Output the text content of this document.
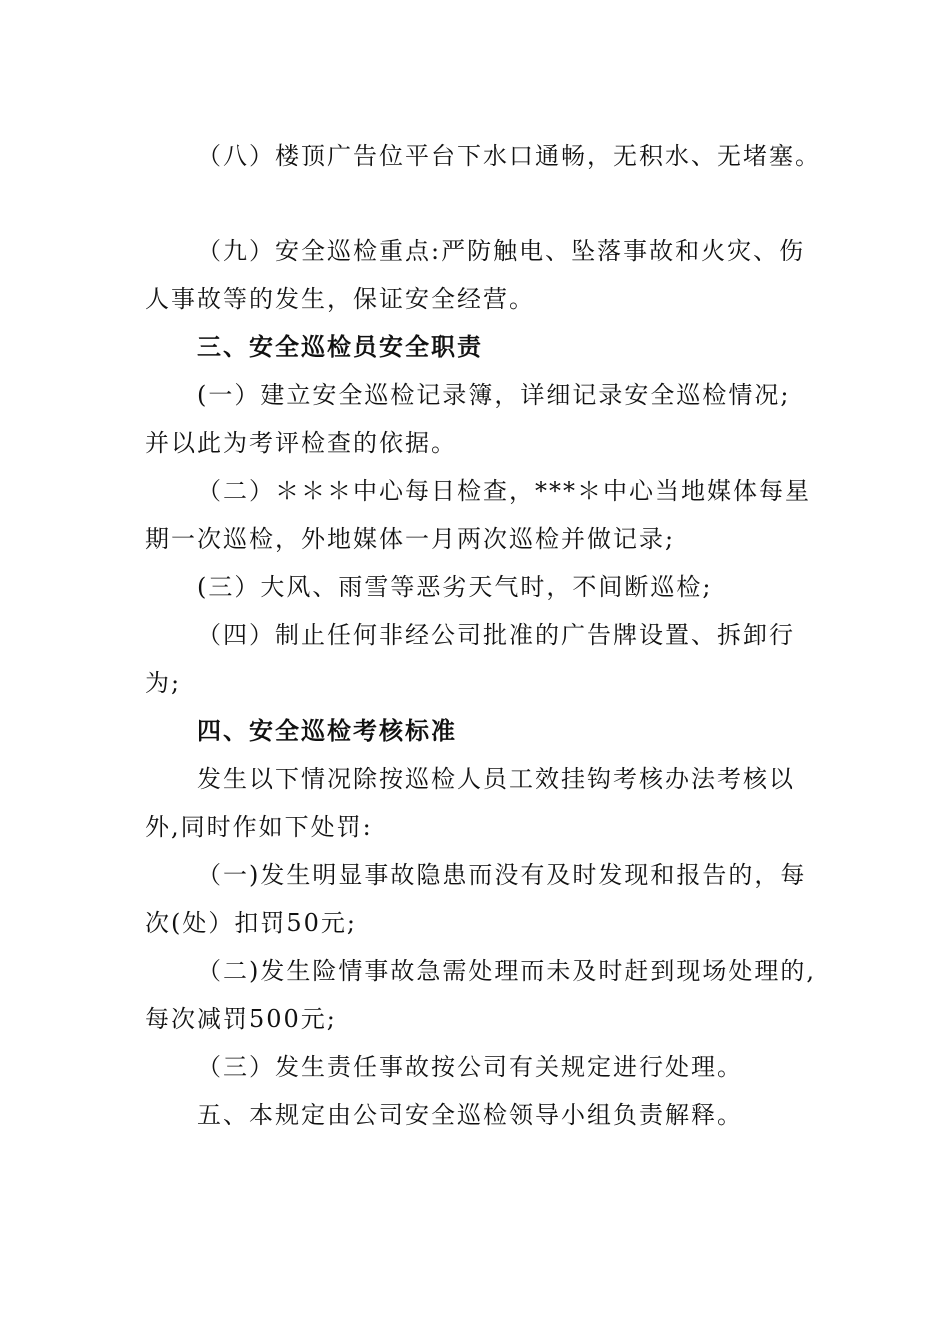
（八）楼顶广告位平台下水口通畅，无积水、无堵塞。
（九）安全巡检重点:严防触电、坠落事故和火灾、伤
人事故等的发生，保证安全经营。
三、安全巡检员安全职责
(一）建立安全巡检记录簿，详细记录安全巡检情况;
并以此为考评检查的依据。
（二）＊＊＊中心每日检查，***＊中心当地媒体每星
期一次巡检，外地媒体一月两次巡检并做记录;
(三）大风、雨雪等恶劣天气时，不间断巡检;
（四）制止任何非经公司批准的广告牌设置、拆卸行
为;
四、安全巡检考核标准
发生以下情况除按巡检人员工效挂钩考核办法考核以
外,同时作如下处罚:
（一)发生明显事故隐患而没有及时发现和报告的，每
次(处）扣罚50元;
（二)发生险情事故急需处理而未及时赶到现场处理的,
每次减罚500元;
（三）发生责任事故按公司有关规定进行处理。
五、本规定由公司安全巡检领导小组负责解释。
